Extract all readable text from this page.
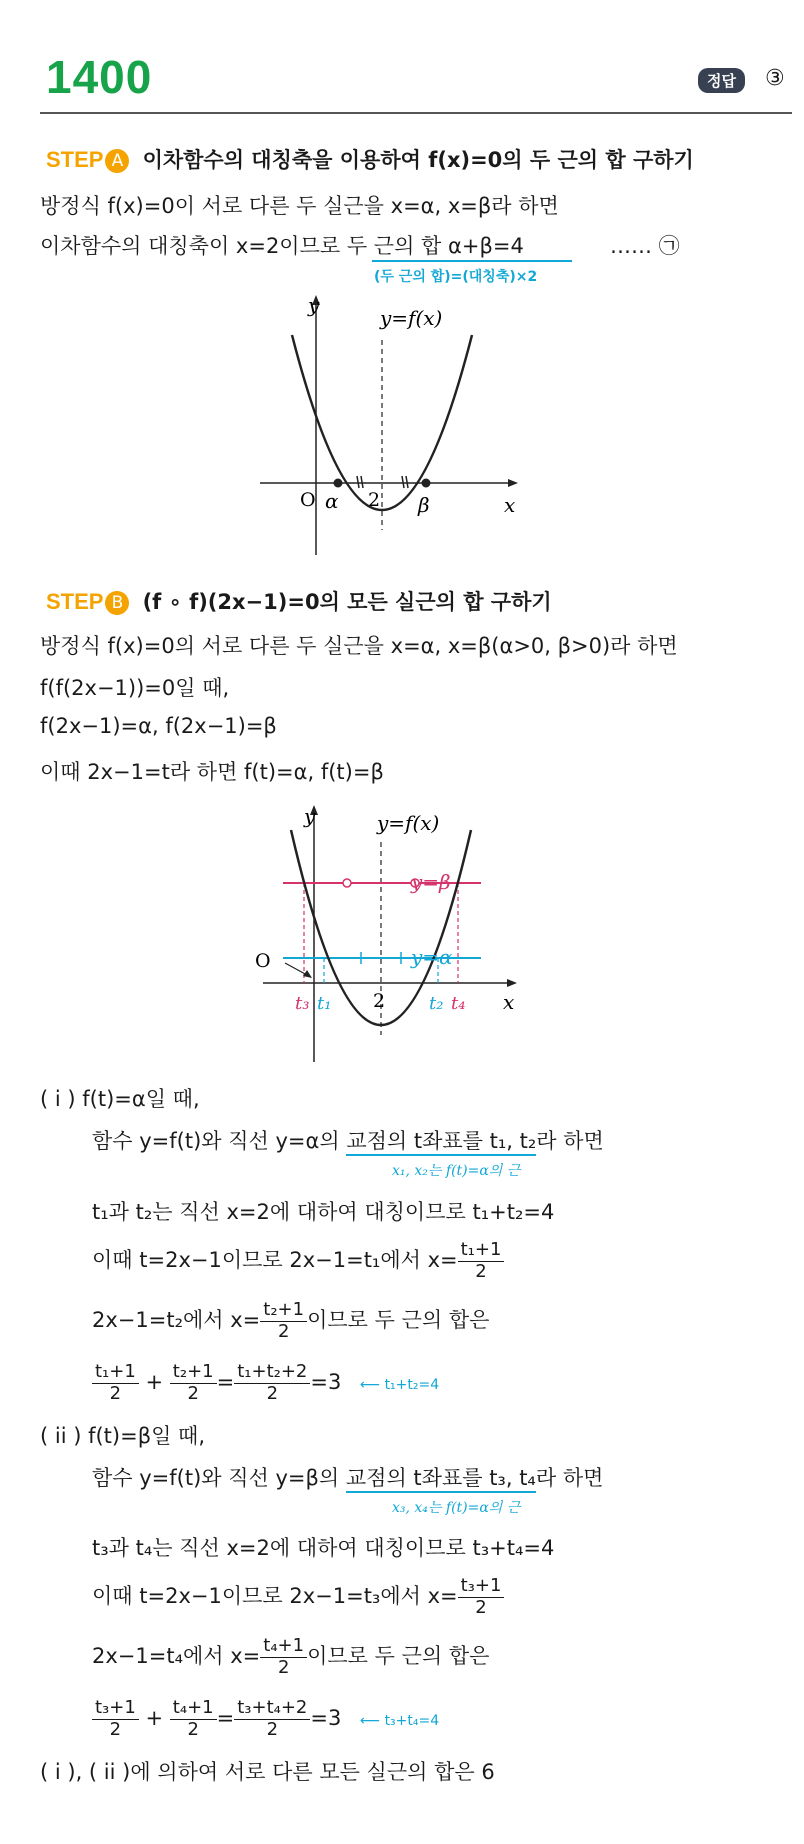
1400	정답	③
STEP A 이차함수의 대칭축을 이용하여 f(x)=0의 두 근의 합 구하기
방정식 f(x)=0이 서로 다른 두 실근을 x=α, x=β라 하면
이차함수의 대칭축이 x=2이므로 두 근의 합 α+β=4	…… ㉠
(두 근의 합)=(대칭축)×2
y
x
y=f(x)
O α 2 β
STEP B (f ∘ f)(2x−1)=0의 모든 실근의 합 구하기
방정식 f(x)=0의 서로 다른 두 실근을 x=α, x=β(α>0, β>0)라 하면
f(f(2x−1))=0일 때,
f(2x−1)=α, f(2x−1)=β
이때 2x−1=t라 하면 f(t)=α, f(t)=β
y
x
y=f(x)
y=β
y=α
O
2
t₃ t₁	t₂ t₄
( i ) f(t)=α일 때,
함수 y=f(t)와 직선 y=α의 교점의 t좌표를 t₁, t₂라 하면
x₁, x₂는 f(t)=α의 근
t₁과 t₂는 직선 x=2에 대하여 대칭이므로 t₁+t₂=4
이때 t=2x−1이므로 2x−1=t₁에서 $x= \frac{\text{t₁+1}}{2}$
2x−1=t₂에서 $x= \frac{\text{t₂+1}}{2}$ 이므로 두 근의 합은
$\frac{\text{t₁+1}}{2} + \frac{\text{t₂+1}}{2} = \frac{\text{t₁+t₂+2}}{2} =3$ ⟵ t₁+t₂=4
( ii ) f(t)=β일 때,
함수 y=f(t)와 직선 y=β의 교점의 t좌표를 t₃, t₄라 하면
x₃, x₄는 f(t)=α의 근
t₃과 t₄는 직선 x=2에 대하여 대칭이므로 t₃+t₄=4
이때 t=2x−1이므로 2x−1=t₃에서 $x= \frac{\text{t₃+1}}{2}$
2x−1=t₄에서 $x= \frac{\text{t₄+1}}{2}$ 이므로 두 근의 합은
$\frac{\text{t₃+1}}{2} + \frac{\text{t₄+1}}{2} = \frac{\text{t₃+t₄+2}}{2} =3$ ⟵ t₃+t₄=4
( i ), ( ii )에 의하여 서로 다른 모든 실근의 합은 6
